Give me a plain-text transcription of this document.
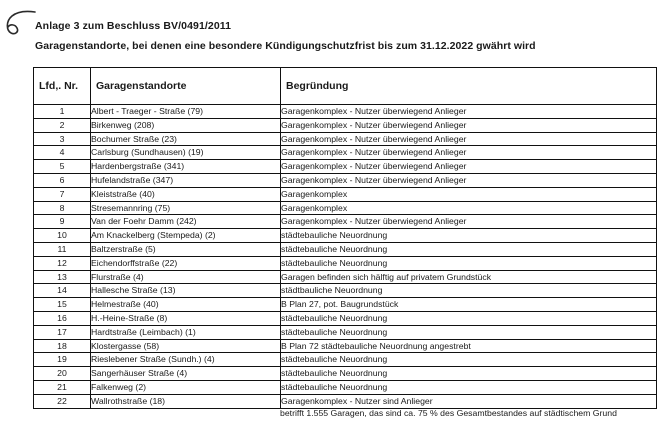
Anlage 3 zum Beschluss BV/0491/2011
Garagenstandorte, bei denen eine besondere Kündigungschutzfrist bis zum 31.12.2022 gwährt wird
Lfd,. Nr.	Garagenstandorte	Begründung
1	Albert - Traeger - Straße (79)	Garagenkomplex - Nutzer überwiegend Anlieger
2	Birkenweg (208)	Garagenkomplex - Nutzer überwiegend Anlieger
3	Bochumer Straße (23)	Garagenkomplex - Nutzer überwiegend Anlieger
4	Carlsburg (Sundhausen) (19)	Garagenkomplex - Nutzer überwiegend Anlieger
5	Hardenbergstraße (341)	Garagenkomplex - Nutzer überwiegend Anlieger
6	Hufelandstraße (347)	Garagenkomplex - Nutzer überwiegend Anlieger
7	Kleiststraße (40)	Garagenkomplex
8	Stresemannring (75)	Garagenkomplex
9	Van der Foehr Damm (242)	Garagenkomplex - Nutzer überwiegend Anlieger
10	Am Knackelberg (Stempeda) (2)	städtebauliche Neuordnung
11	Baltzerstraße (5)	städtebauliche Neuordnung
12	Eichendorffstraße (22)	städtebauliche Neuordnung
13	Flurstraße (4)	Garagen befinden sich hälftig auf privatem Grundstück
14	Hallesche Straße (13)	städtbauliche Neuordnung
15	Helmestraße (40)	B Plan 27, pot. Baugrundstück
16	H.-Heine-Straße (8)	städtebauliche Neuordnung
17	Hardtstraße (Leimbach) (1)	städtebauliche Neuordnung
18	Klostergasse (58)	B Plan 72 städtebauliche Neuordnung angestrebt
19	Rieslebener Straße (Sundh.) (4)	städtebauliche Neuordnung
20	Sangerhäuser Straße (4)	städtebauliche Neuordnung
21	Falkenweg (2)	städtebauliche Neuordnung
22	Wallrothstraße (18)	Garagenkomplex - Nutzer sind Anlieger
betrifft 1.555 Garagen, das sind ca. 75 % des Gesamtbestandes auf städtischem Grund
